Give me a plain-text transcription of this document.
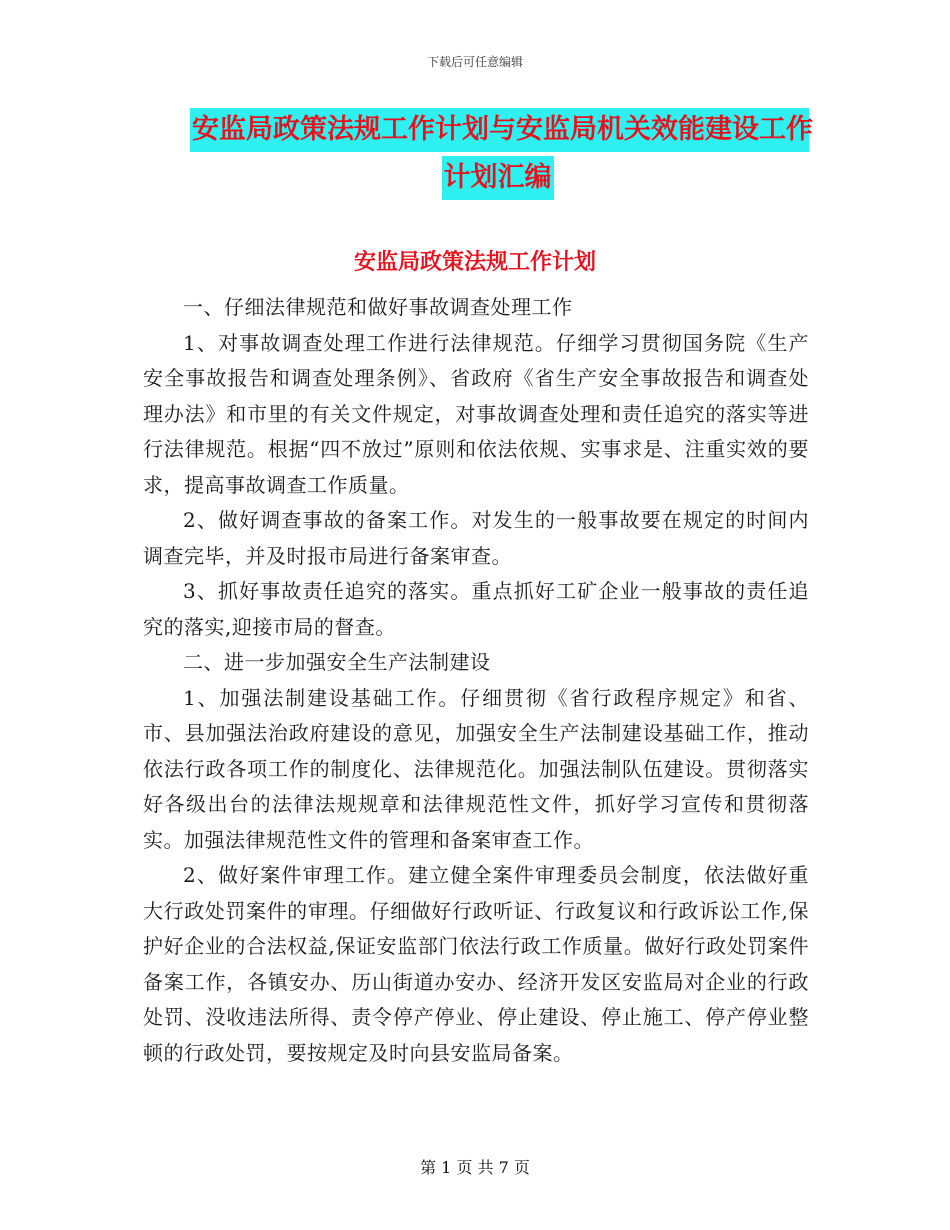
下载后可任意编辑
安监局政策法规工作计划与安监局机关效能建设工作
计划汇编
安监局政策法规工作计划

一、仔细法律规范和做好事故调查处理工作

1、对事故调查处理工作进行法律规范。仔细学习贯彻国务院《生产安全事故报告和调查处理条例》、省政府《省生产安全事故报告和调查处理办法》和市里的有关文件规定，对事故调查处理和责任追究的落实等进行法律规范。根据“四不放过”原则和依法依规、实事求是、注重实效的要求，提高事故调查工作质量。

2、做好调查事故的备案工作。对发生的一般事故要在规定的时间内调查完毕，并及时报市局进行备案审查。

3、抓好事故责任追究的落实。重点抓好工矿企业一般事故的责任追究的落实,迎接市局的督查。

二、进一步加强安全生产法制建设

1、加强法制建设基础工作。仔细贯彻《省行政程序规定》和省、市、县加强法治政府建设的意见，加强安全生产法制建设基础工作，推动依法行政各项工作的制度化、法律规范化。加强法制队伍建设。贯彻落实好各级出台的法律法规规章和法律规范性文件，抓好学习宣传和贯彻落实。加强法律规范性文件的管理和备案审查工作。

2、做好案件审理工作。建立健全案件审理委员会制度，依法做好重大行政处罚案件的审理。仔细做好行政听证、行政复议和行政诉讼工作,保护好企业的合法权益,保证安监部门依法行政工作质量。做好行政处罚案件备案工作，各镇安办、历山街道办安办、经济开发区安监局对企业的行政处罚、没收违法所得、责令停产停业、停止建设、停止施工、停产停业整顿的行政处罚，要按规定及时向县安监局备案。

第 1 页 共 7 页
